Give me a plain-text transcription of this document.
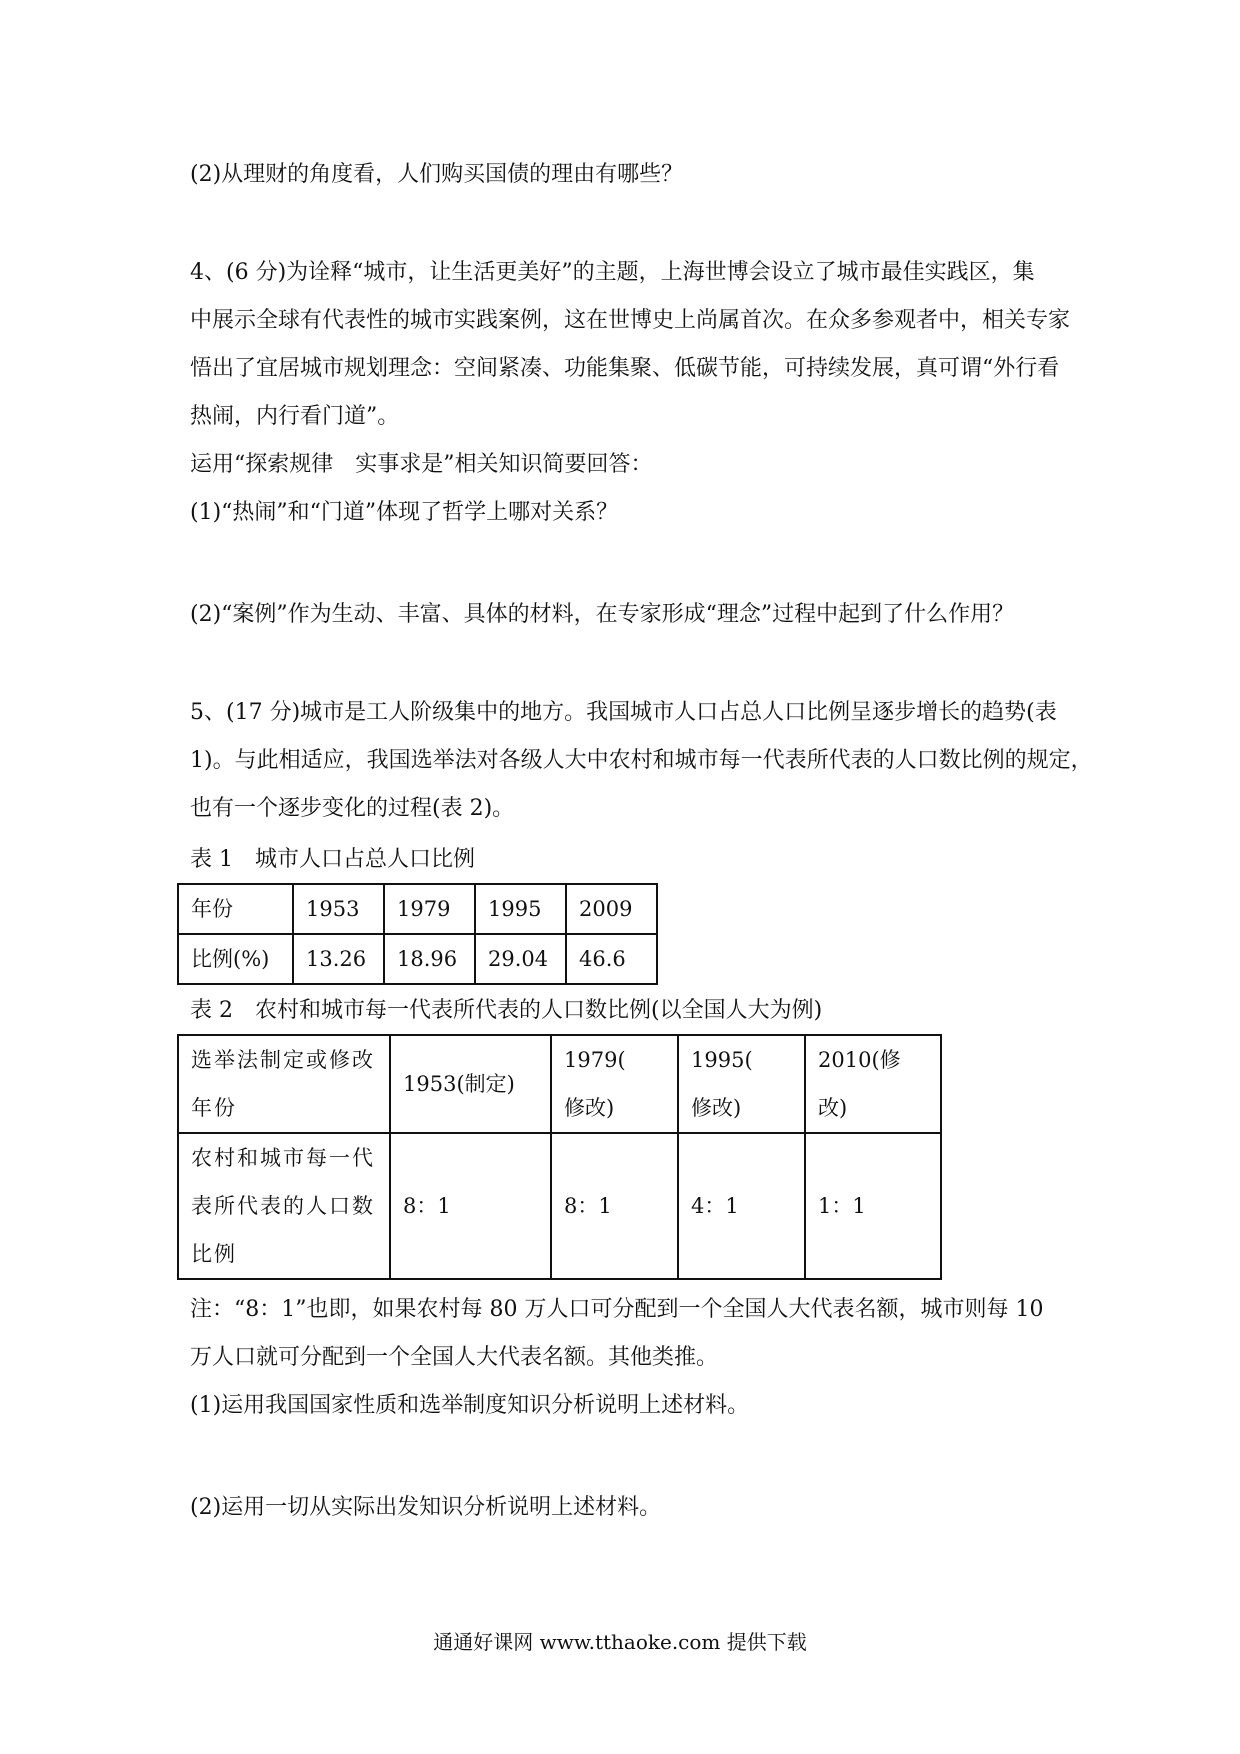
(2)从理财的角度看，人们购买国债的理由有哪些？
4、(6 分)为诠释“城市，让生活更美好”的主题，上海世博会设立了城市最佳实践区，集
中展示全球有代表性的城市实践案例，这在世博史上尚属首次。在众多参观者中，相关专家
悟出了宜居城市规划理念：空间紧凑、功能集聚、低碳节能，可持续发展，真可谓“外行看
热闹，内行看门道”。
运用“探索规律　实事求是”相关知识简要回答：
(1)“热闹”和“门道”体现了哲学上哪对关系？
(2)“案例”作为生动、丰富、具体的材料，在专家形成“理念”过程中起到了什么作用？
5、(17 分)城市是工人阶级集中的地方。我国城市人口占总人口比例呈逐步增长的趋势(表
1)。与此相适应，我国选举法对各级人大中农村和城市每一代表所代表的人口数比例的规定，
也有一个逐步变化的过程(表 2)。
表 1　城市人口占总人口比例
年份	1953	1979	1995	2009
比例(%)	13.26	18.96	29.04	46.6
表 2　农村和城市每一代表所代表的人口数比例(以全国人大为例)
选举法制定或修改年份	1953(制定)	1979(　修改)	1995(　修改)	2010(修改)
农村和城市每一代表所代表的人口数比例	8：1	8：1	4：1	1：1
注：“8：1”也即，如果农村每 80 万人口可分配到一个全国人大代表名额，城市则每 10
万人口就可分配到一个全国人大代表名额。其他类推。
(1)运用我国国家性质和选举制度知识分析说明上述材料。
(2)运用一切从实际出发知识分析说明上述材料。
通通好课网 www.tthaoke.com 提供下载
